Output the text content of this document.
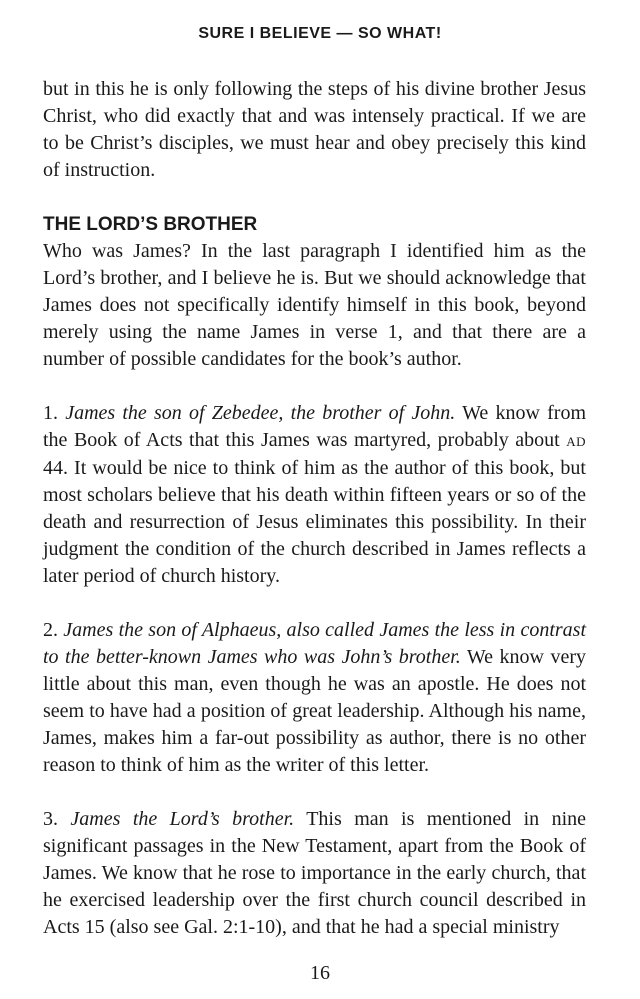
SURE I BELIEVE — SO WHAT!

but in this he is only following the steps of his divine brother Jesus Christ, who did exactly that and was intensely practical. If we are to be Christ’s disciples, we must hear and obey precisely this kind of instruction.

THE LORD’S BROTHER

Who was James? In the last paragraph I identified him as the Lord’s brother, and I believe he is. But we should acknowledge that James does not specifically identify himself in this book, beyond merely using the name James in verse 1, and that there are a number of possible candidates for the book’s author.

1. James the son of Zebedee, the brother of John. We know from the Book of Acts that this James was martyred, probably about AD 44. It would be nice to think of him as the author of this book, but most scholars believe that his death within fifteen years or so of the death and resurrection of Jesus eliminates this possibility. In their judgment the condition of the church described in James reflects a later period of church history.

2. James the son of Alphaeus, also called James the less in contrast to the better-known James who was John’s brother. We know very little about this man, even though he was an apostle. He does not seem to have had a position of great leadership. Although his name, James, makes him a far-out possibility as author, there is no other reason to think of him as the writer of this letter.

3. James the Lord’s brother. This man is mentioned in nine significant passages in the New Testament, apart from the Book of James. We know that he rose to importance in the early church, that he exercised leadership over the first church council described in Acts 15 (also see Gal. 2:1-10), and that he had a special ministry

16
